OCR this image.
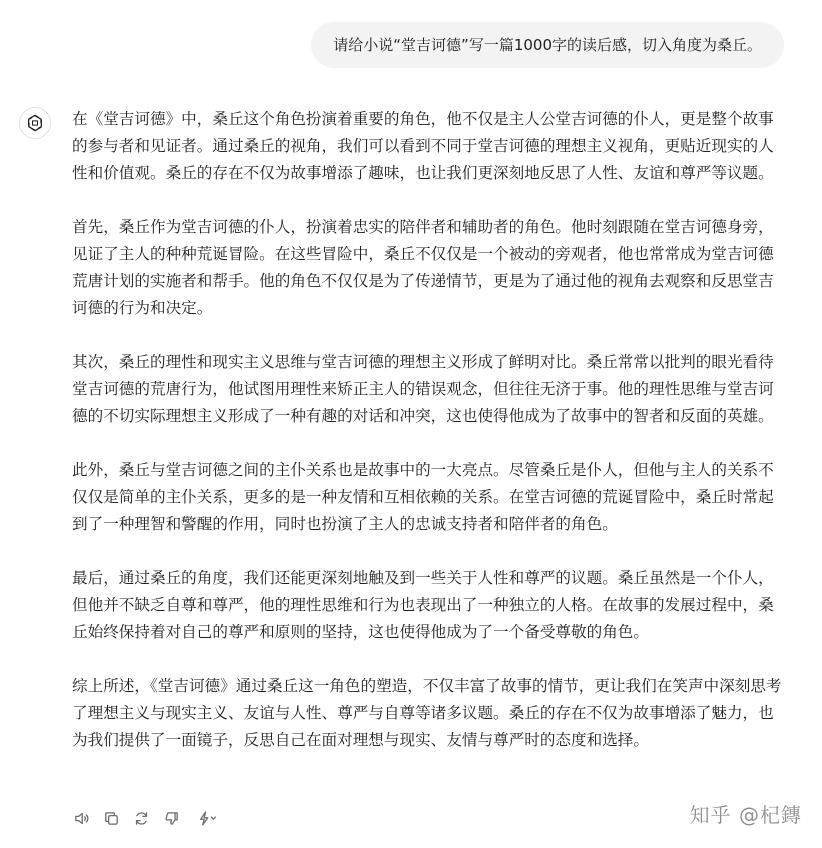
请给小说“堂吉诃德”写一篇1000字的读后感，切入角度为桑丘。

在《堂吉诃德》中，桑丘这个角色扮演着重要的角色，他不仅是主人公堂吉诃德的仆人，更是整个故事的参与者和见证者。通过桑丘的视角，我们可以看到不同于堂吉诃德的理想主义视角，更贴近现实的人性和价值观。桑丘的存在不仅为故事增添了趣味，也让我们更深刻地反思了人性、友谊和尊严等议题。

首先，桑丘作为堂吉诃德的仆人，扮演着忠实的陪伴者和辅助者的角色。他时刻跟随在堂吉诃德身旁，见证了主人的种种荒诞冒险。在这些冒险中，桑丘不仅仅是一个被动的旁观者，他也常常成为堂吉诃德荒唐计划的实施者和帮手。他的角色不仅仅是为了传递情节，更是为了通过他的视角去观察和反思堂吉诃德的行为和决定。

其次，桑丘的理性和现实主义思维与堂吉诃德的理想主义形成了鲜明对比。桑丘常常以批判的眼光看待堂吉诃德的荒唐行为，他试图用理性来矫正主人的错误观念，但往往无济于事。他的理性思维与堂吉诃德的不切实际理想主义形成了一种有趣的对话和冲突，这也使得他成为了故事中的智者和反面的英雄。

此外，桑丘与堂吉诃德之间的主仆关系也是故事中的一大亮点。尽管桑丘是仆人，但他与主人的关系不仅仅是简单的主仆关系，更多的是一种友情和互相依赖的关系。在堂吉诃德的荒诞冒险中，桑丘时常起到了一种理智和警醒的作用，同时也扮演了主人的忠诚支持者和陪伴者的角色。

最后，通过桑丘的角度，我们还能更深刻地触及到一些关于人性和尊严的议题。桑丘虽然是一个仆人，但他并不缺乏自尊和尊严，他的理性思维和行为也表现出了一种独立的人格。在故事的发展过程中，桑丘始终保持着对自己的尊严和原则的坚持，这也使得他成为了一个备受尊敬的角色。

综上所述，《堂吉诃德》通过桑丘这一角色的塑造，不仅丰富了故事的情节，更让我们在笑声中深刻思考了理想主义与现实主义、友谊与人性、尊严与自尊等诸多议题。桑丘的存在不仅为故事增添了魅力，也为我们提供了一面镜子，反思自己在面对理想与现实、友情与尊严时的态度和选择。

知乎 @杞鏄
